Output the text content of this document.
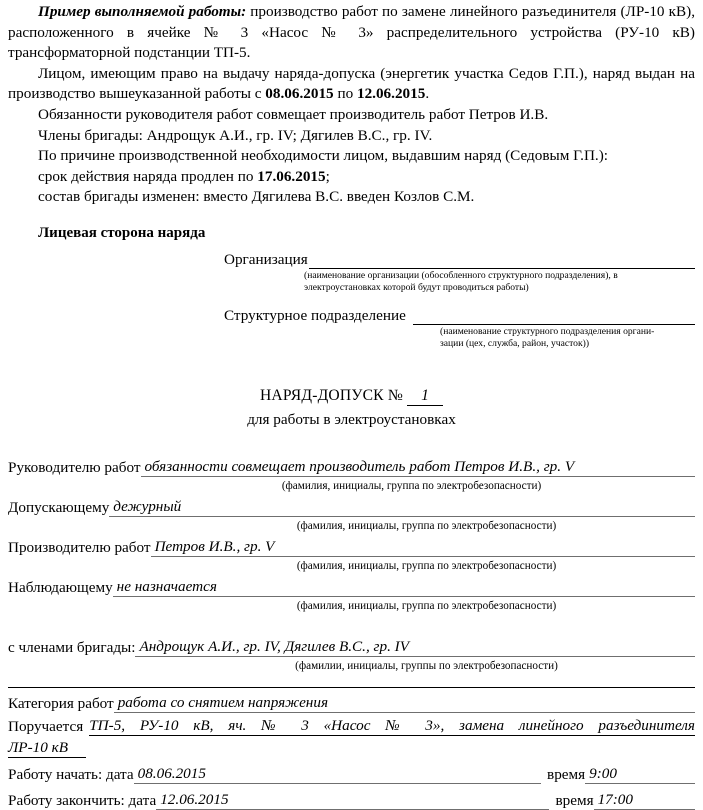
Пример выполняемой работы: производство работ по замене линейного разъединителя (ЛР-10 кВ), расположенного в ячейке № 3 «Насос № 3» распределительного устройства (РУ-10 кВ) трансформаторной подстанции ТП-5.

Лицом, имеющим право на выдачу наряда-допуска (энергетик участка Седов Г.П.), наряд выдан на производство вышеуказанной работы с 08.06.2015 по 12.06.2015.

Обязанности руководителя работ совмещает производитель работ Петров И.В.

Члены бригады: Андрощук А.И., гр. IV; Дягилев В.С., гр. IV.

По причине производственной необходимости лицом, выдавшим наряд (Седовым Г.П.):

срок действия наряда продлен по 17.06.2015;

состав бригады изменен: вместо Дягилева В.С. введен Козлов С.М.

Лицевая сторона наряда
Организация
(наименование организации (обособленного структурного подразделения), в
электроустановках которой будут проводиться работы)
Структурное подразделение
(наименование структурного подразделения органи-
зации (цех, служба, район, участок))
НАРЯД-ДОПУСК № 1
для работы в электроустановках
Руководителю работ обязанности совмещает производитель работ Петров И.В., гр. V
(фамилия, инициалы, группа по электробезопасности)
Допускающему дежурный
(фамилия, инициалы, группа по электробезопасности)
Производителю работ Петров И.В., гр. V
(фамилия, инициалы, группа по электробезопасности)
Наблюдающему не назначается
(фамилия, инициалы, группа по электробезопасности)
с членами бригады: Андрощук А.И., гр. IV, Дягилев В.С., гр. IV
(фамилии, инициалы, группы по электробезопасности)
Категория работ работа со снятием напряжения
Поручается ТП-5, РУ-10 кВ, яч. № 3 «Насос № 3», замена линейного разъединителя
ЛР-10 кВ
Работу начать: дата 08.06.2015	время 9:00
Работу закончить: дата 12.06.2015	время 17:00
